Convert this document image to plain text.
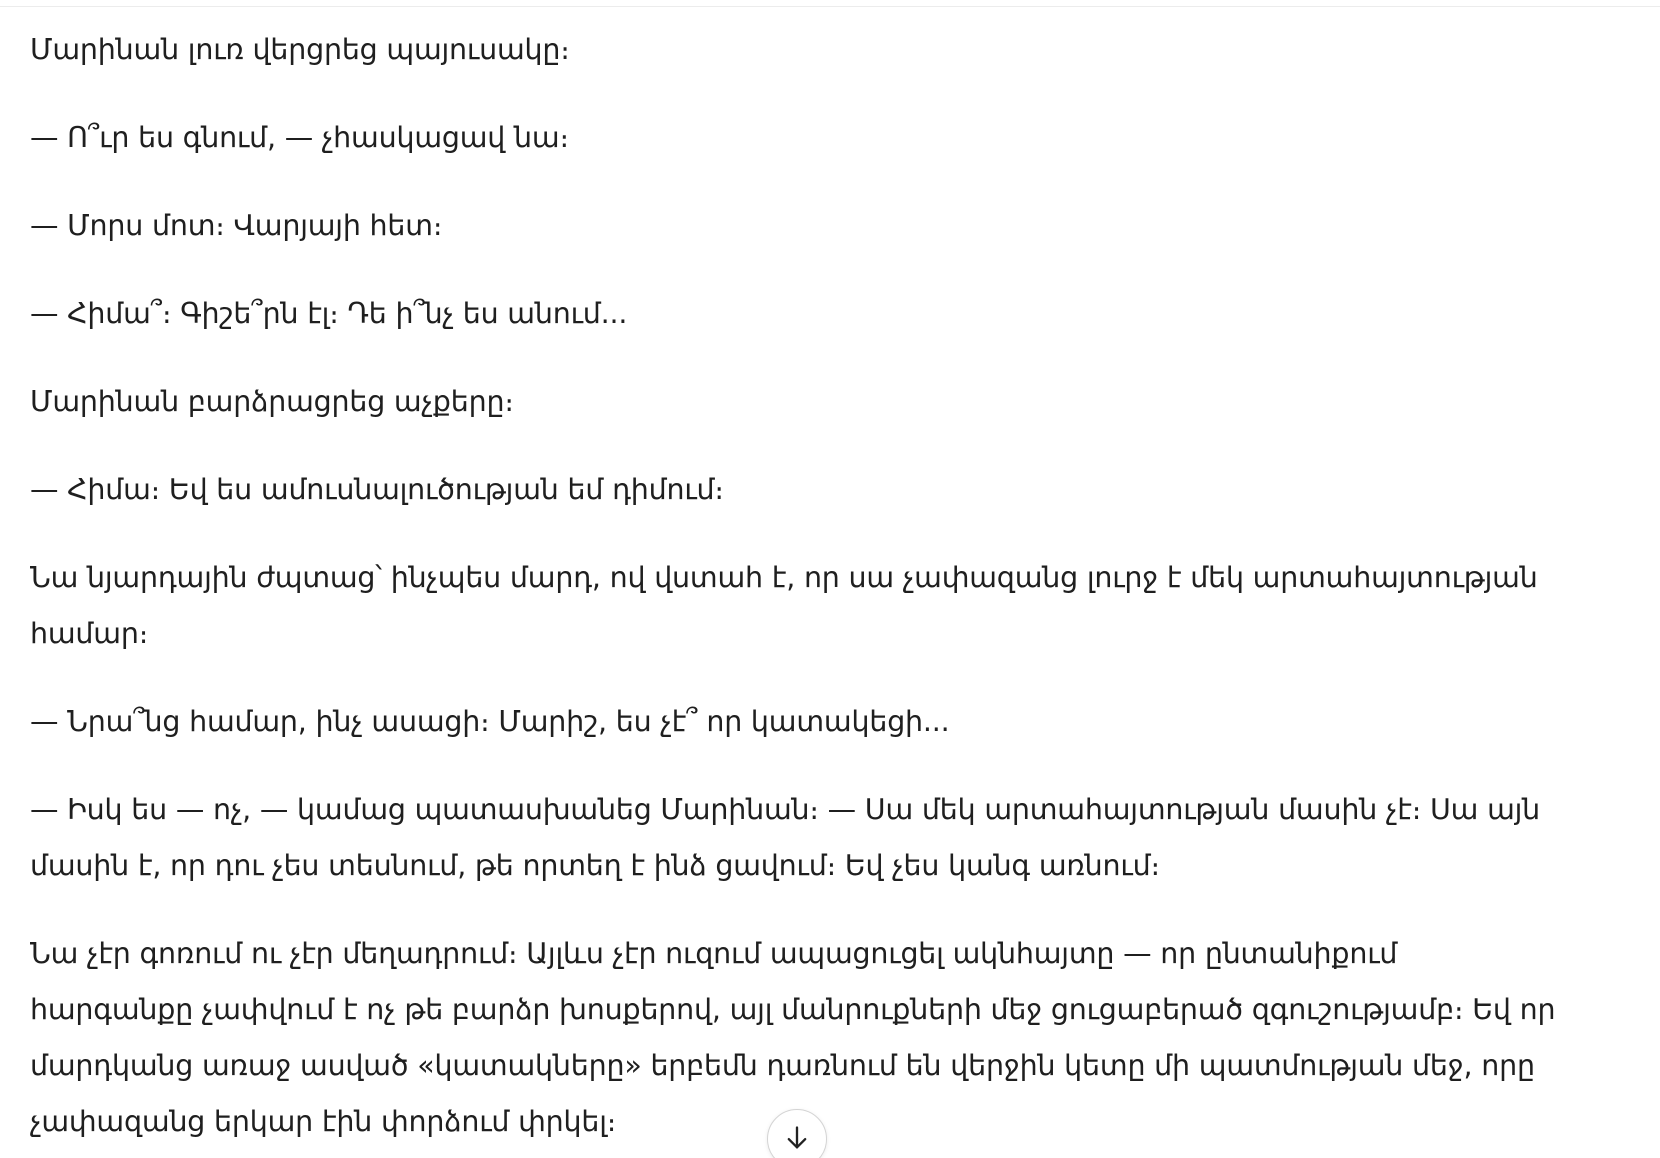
Մարինան լուռ վերցրեց պայուսակը։

— Ո՞ւր ես գնում, — չհասկացավ նա։

— Մորս մոտ։ Վարյայի հետ։

— Հիմա՞։ Գիշե՞րն էլ։ Դե ի՞նչ ես անում...

Մարինան բարձրացրեց աչքերը։

— Հիմա։ Եվ ես ամուսնալուծության եմ դիմում։

Նա նյարդային ժպտաց՝ ինչպես մարդ, ով վստահ է, որ սա չափազանց լուրջ է մեկ արտահայտության համար։

— Նրա՞նց համար, ինչ ասացի։ Մարիշ, ես չէ՞ որ կատակեցի...

— Իսկ ես — ոչ, — կամաց պատասխանեց Մարինան։ — Սա մեկ արտահայտության մասին չէ։ Սա այն մասին է, որ դու չես տեսնում, թե որտեղ է ինձ ցավում։ Եվ չես կանգ առնում։

Նա չէր գոռում ու չէր մեղադրում։ Այլևս չէր ուզում ապացուցել ակնհայտը — որ ընտանիքում հարգանքը չափվում է ոչ թե բարձր խոսքերով, այլ մանրուքների մեջ ցուցաբերած զգուշությամբ։ Եվ որ մարդկանց առաջ ասված «կատակները» երբեմն դառնում են վերջին կետը մի պատմության մեջ, որը չափազանց երկար էին փորձում փրկել։
